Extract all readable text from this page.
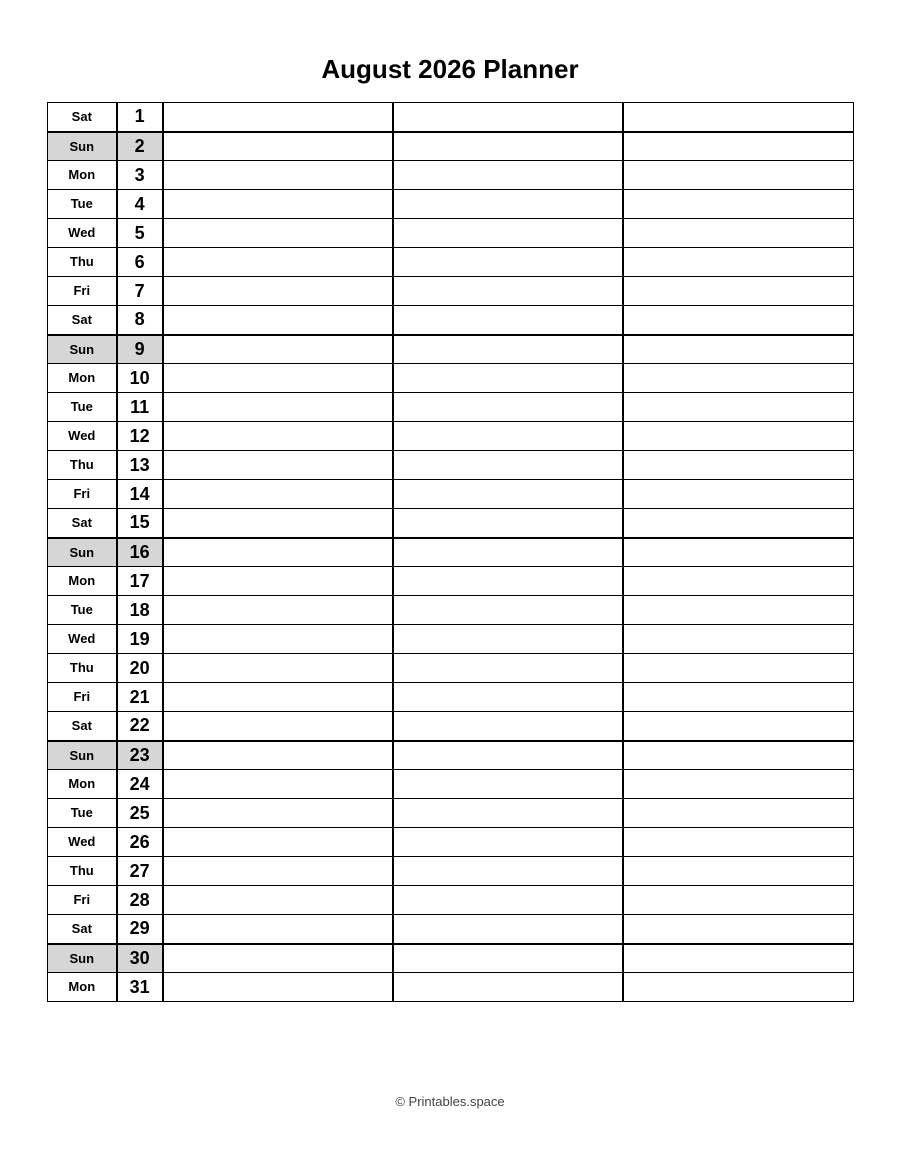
August 2026 Planner
Sat	1			
Sun	2			
Mon	3			
Tue	4			
Wed	5			
Thu	6			
Fri	7			
Sat	8			
Sun	9			
Mon	10			
Tue	11			
Wed	12			
Thu	13			
Fri	14			
Sat	15			
Sun	16			
Mon	17			
Tue	18			
Wed	19			
Thu	20			
Fri	21			
Sat	22			
Sun	23			
Mon	24			
Tue	25			
Wed	26			
Thu	27			
Fri	28			
Sat	29			
Sun	30			
Mon	31			
© Printables.space
